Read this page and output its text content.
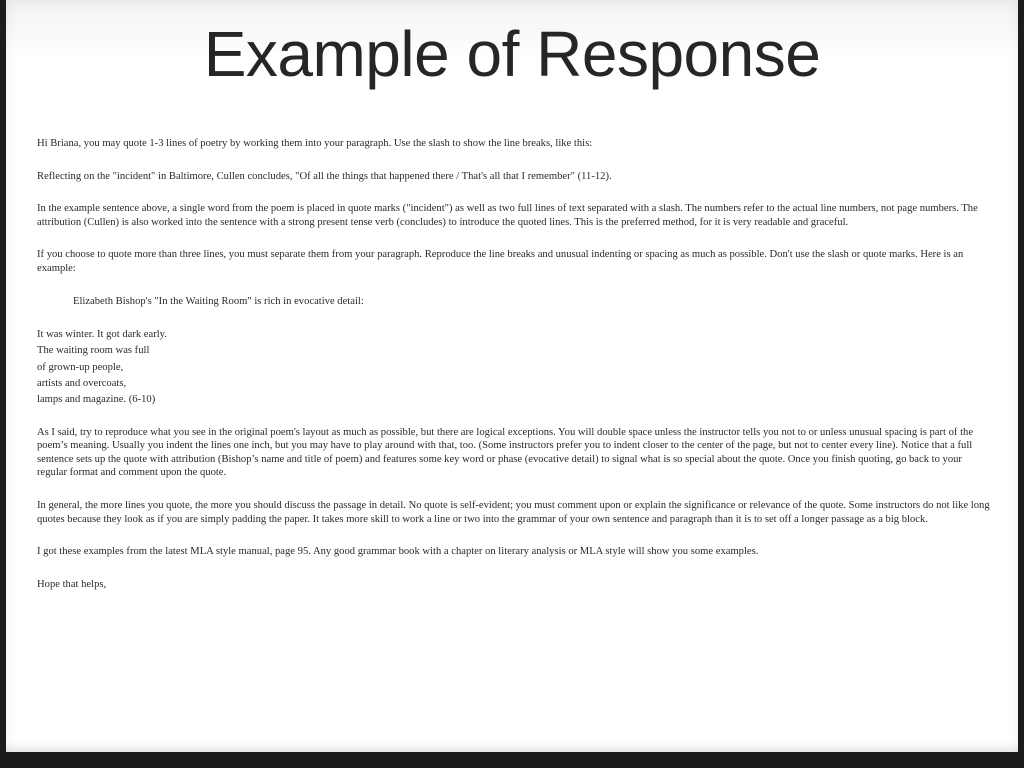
Example of Response

Hi Briana, you may quote 1-3 lines of poetry by working them into your paragraph. Use the slash to show the line breaks, like this:

Reflecting on the "incident" in Baltimore, Cullen concludes, "Of all the things that happened there / That's all that I remember" (11-12).

In the example sentence above, a single word from the poem is placed in quote marks ("incident") as well as two full lines of text separated with a slash. The numbers refer to the actual line numbers, not page numbers. The attribution (Cullen) is also worked into the sentence with a strong present tense verb (concludes) to introduce the quoted lines. This is the preferred method, for it is very readable and graceful.

If you choose to quote more than three lines, you must separate them from your paragraph. Reproduce the line breaks and unusual indenting or spacing as much as possible. Don't use the slash or quote marks. Here is an example:

Elizabeth Bishop's "In the Waiting Room" is rich in evocative detail:

It was winter. It got dark early.
The waiting room was full
of grown-up people,
artists and overcoats,
lamps and magazine. (6-10)

As I said, try to reproduce what you see in the original poem's layout as much as possible, but there are logical exceptions. You will double space unless the instructor tells you not to or unless unusual spacing is part of the poem’s meaning. Usually you indent the lines one inch, but you may have to play around with that, too. (Some instructors prefer you to indent closer to the center of the page, but not to center every line). Notice that a full sentence sets up the quote with attribution (Bishop’s name and title of poem) and features some key word or phase (evocative detail) to signal what is so special about the quote. Once you finish quoting, go back to your regular format and comment upon the quote.

In general, the more lines you quote, the more you should discuss the passage in detail. No quote is self-evident; you must comment upon or explain the significance or relevance of the quote. Some instructors do not like long quotes because they look as if you are simply padding the paper. It takes more skill to work a line or two into the grammar of your own sentence and paragraph than it is to set off a longer passage as a big block.

I got these examples from the latest MLA style manual, page 95. Any good grammar book with a chapter on literary analysis or MLA style will show you some examples.

Hope that helps,
